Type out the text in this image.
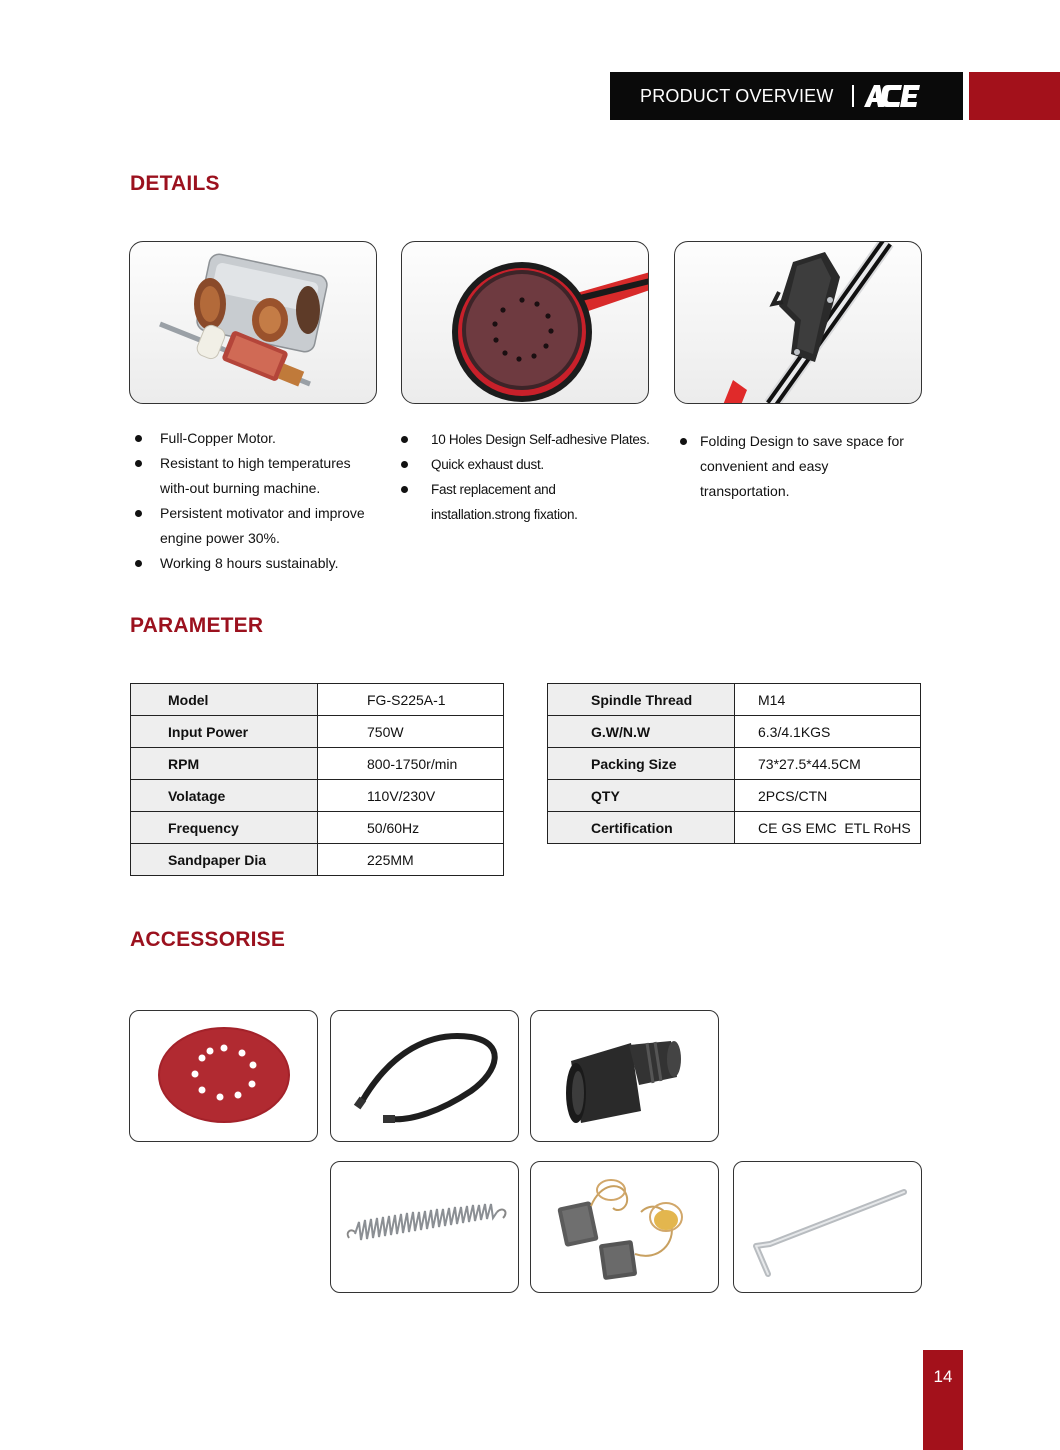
PRODUCT OVERVIEW
DETAILS
Full-Copper Motor.
Resistant to high temperatures with-out burning machine.
Persistent motivator and improve engine power 30%.
Working 8 hours sustainably.
10 Holes Design Self-adhesive Plates.
Quick exhaust dust.
Fast replacement and installation.strong fixation.
Folding Design to save space for convenient and easy transportation.
PARAMETER
Model	FG-S225A-1
Input Power	750W
RPM	800-1750r/min
Volatage	110V/230V
Frequency	50/60Hz
Sandpaper Dia	225MM
Spindle Thread	M14
G.W/N.W	6.3/4.1KGS
Packing Size	73*27.5*44.5CM
QTY	2PCS/CTN
Certification	CE GS EMC  ETL RoHS
ACCESSORISE
14
